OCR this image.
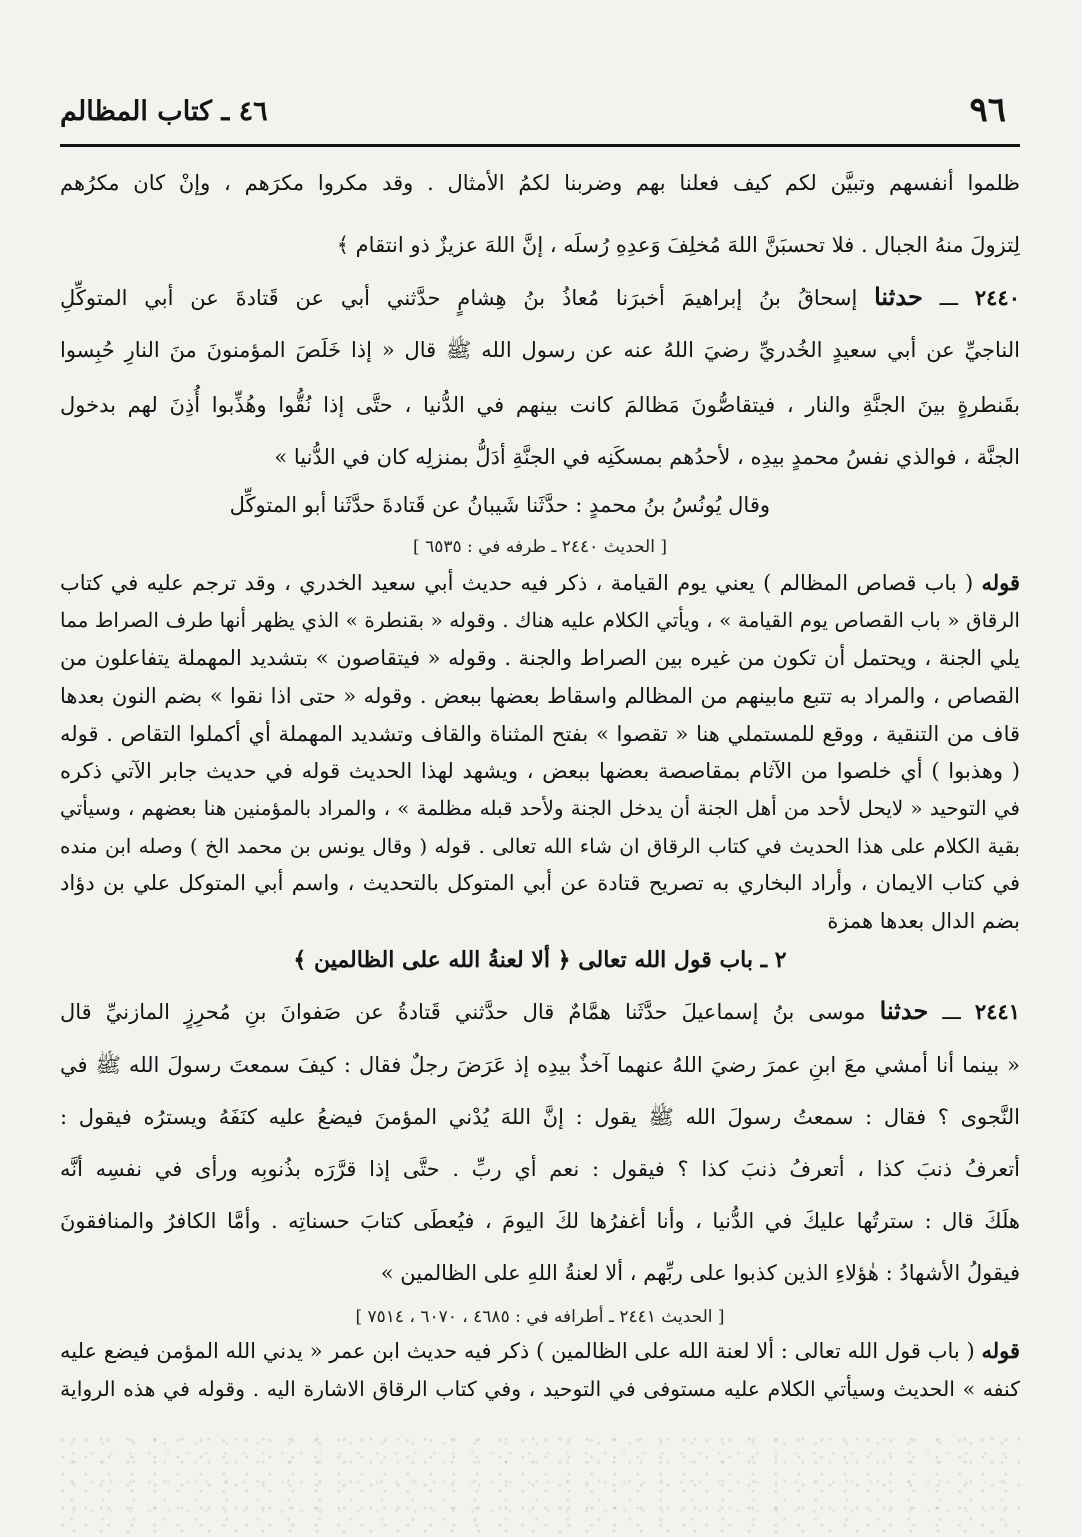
٤٦ ـ كتاب المظالم	٩٦
ظلموا أنفسهم وتبيَّن لكم كيف فعلنا بهم وضربنا لكمُ الأمثال . وقد مكروا مكرَهم ، وإنْ كان مكرُهم
لِتزولَ منهُ الجبال . فلا تحسبَنَّ اللهَ مُخلِفَ وَعدِهِ رُسلَه ، إنَّ اللهَ عزيزٌ ذو انتقام ﴾
٢٤٤٠ ـــ حدثنا إسحاقُ بنُ إبراهيمَ أخبرَنا مُعاذُ بنُ هِشامٍ حدَّثني أبي عن قَتادةَ عن أبي المتوكِّلِ
الناجيِّ عن أبي سعيدٍ الخُدريِّ رضيَ اللهُ عنه عن رسول الله ﷺ قال « إذا خَلَصَ المؤمنونَ منَ النارِ حُبِسوا
بقَنطرةٍ بينَ الجنَّةِ والنار ، فيتقاصُّونَ مَظالمَ كانت بينهم في الدُّنيا ، حتَّى إذا نُقُّوا وهُذِّبوا أُذِنَ لهم بدخول
الجنَّة ، فوالذي نفسُ محمدٍ بيدِه ، لأحدُهم بمسكَنِه في الجنَّةِ أدَلُّ بمنزلِه كان في الدُّنيا »
وقال يُونُسُ بنُ محمدٍ : حدَّثَنا شَيبانُ عن قَتادةَ حدَّثَنا أبو المتوكِّل
[ الحديث ٢٤٤٠ ـ طرفه في : ٦٥٣٥ ]
قوله ( باب قصاص المظالم ) يعني يوم القيامة ، ذكر فيه حديث أبي سعيد الخدري ، وقد ترجم عليه في كتاب
الرقاق « باب القصاص يوم القيامة » ، ويأتي الكلام عليه هناك . وقوله « بقنطرة » الذي يظهر أنها طرف الصراط مما
يلي الجنة ، ويحتمل أن تكون من غيره بين الصراط والجنة . وقوله « فيتقاصون » بتشديد المهملة يتفاعلون من
القصاص ، والمراد به تتبع مابينهم من المظالم واسقاط بعضها ببعض . وقوله « حتى اذا نقوا » بضم النون بعدها
قاف من التنقية ، ووقع للمستملي هنا « تقصوا » بفتح المثناة والقاف وتشديد المهملة أي أكملوا التقاص . قوله
( وهذبوا ) أي خلصوا من الآثام بمقاصصة بعضها ببعض ، ويشهد لهذا الحديث قوله في حديث جابر الآتي ذكره
في التوحيد « لايحل لأحد من أهل الجنة أن يدخل الجنة ولأحد قبله مظلمة » ، والمراد بالمؤمنين هنا بعضهم ، وسيأتي
بقية الكلام على هذا الحديث في كتاب الرقاق ان شاء الله تعالى . قوله ( وقال يونس بن محمد الخ ) وصله ابن منده
في كتاب الايمان ، وأراد البخاري به تصريح قتادة عن أبي المتوكل بالتحديث ، واسم أبي المتوكل علي بن دؤاد
بضم الدال بعدها همزة
٢ ـ باب قول الله تعالى ﴿ ألا لعنةُ الله على الظالمين ﴾
٢٤٤١ ـــ حدثنا موسى بنُ إسماعيلَ حدَّثَنا همَّامٌ قال حدَّثني قَتادةُ عن صَفوانَ بنِ مُحرِزٍ المازنيِّ قال
« بينما أنا أمشي معَ ابنِ عمرَ رضيَ اللهُ عنهما آخذٌ بيدِه إذ عَرَضَ رجلٌ فقال : كيفَ سمعتَ رسولَ الله ﷺ في
النَّجوى ؟ فقال : سمعتُ رسولَ الله ﷺ يقول : إنَّ اللهَ يُدْني المؤمنَ فيضعُ عليه كنَفَهُ ويسترُه فيقول :
أتعرفُ ذنبَ كذا ، أتعرفُ ذنبَ كذا ؟ فيقول : نعم أي ربِّ . حتَّى إذا قرَّرَه بذُنوبِه ورأى في نفسِه أنَّه
هلَكَ قال : سترتُها عليكَ في الدُّنيا ، وأنا أغفرُها لكَ اليومَ ، فيُعطَى كتابَ حسناتِه . وأمَّا الكافرُ والمنافقونَ
فيقولُ الأشهادُ : هٰؤلاءِ الذين كذبوا على ربِّهم ، ألا لعنةُ اللهِ على الظالمين »
[ الحديث ٢٤٤١ ـ أطرافه في : ٤٦٨٥ ، ٦٠٧٠ ، ٧٥١٤ ]
قوله ( باب قول الله تعالى : ألا لعنة الله على الظالمين ) ذكر فيه حديث ابن عمر « يدني الله المؤمن فيضع عليه
كنفه » الحديث وسيأتي الكلام عليه مستوفى في التوحيد ، وفي كتاب الرقاق الاشارة اليه . وقوله في هذه الرواية
